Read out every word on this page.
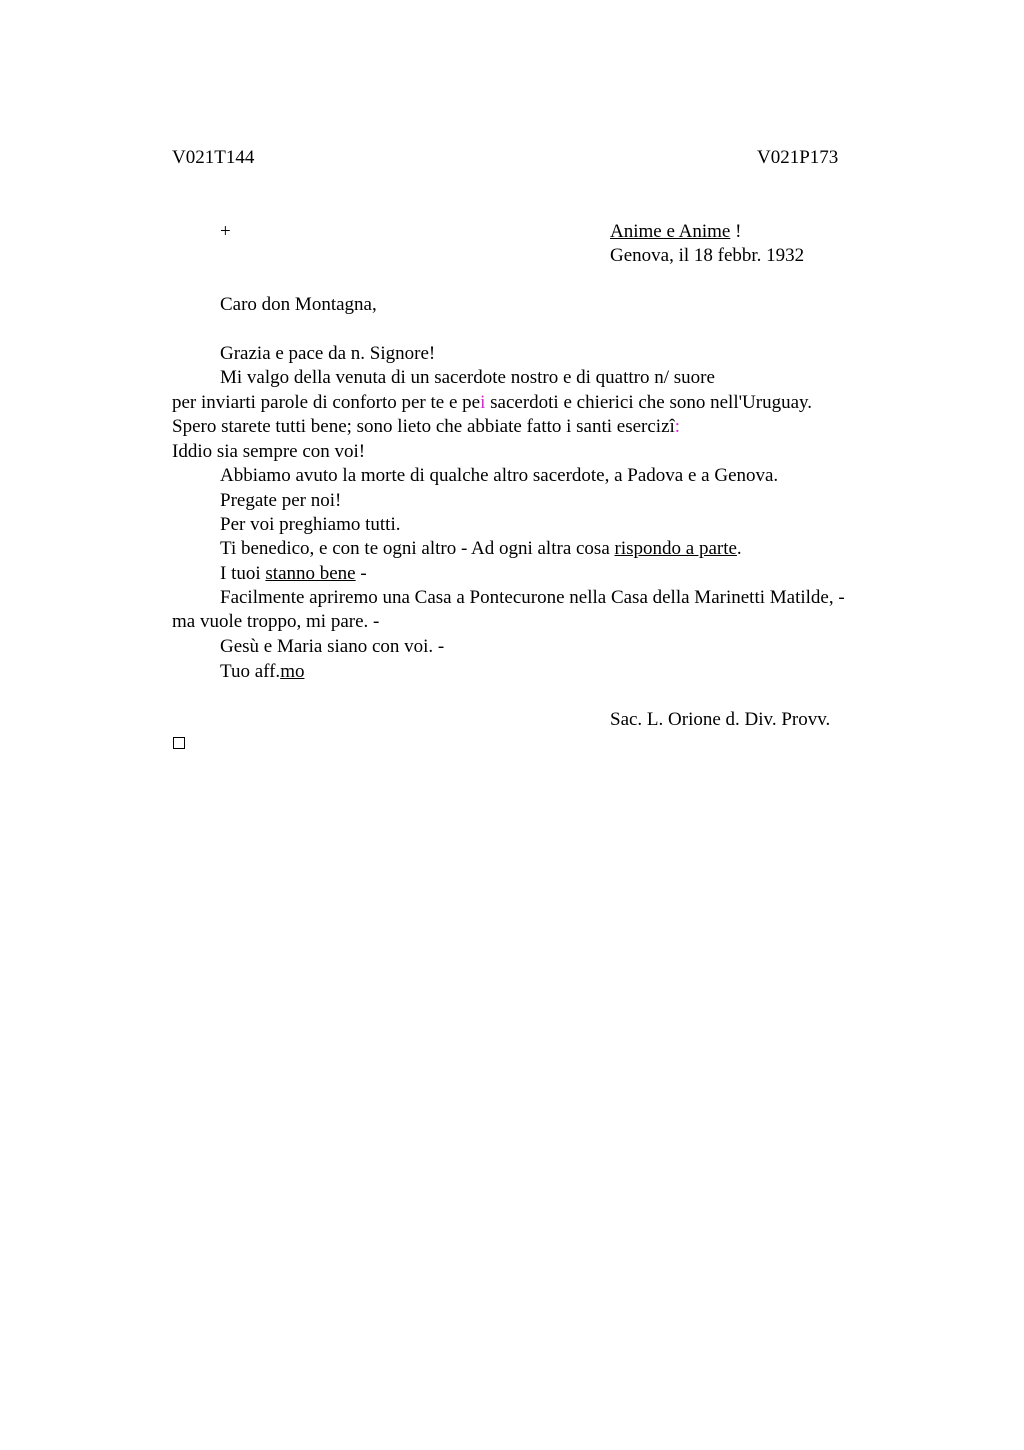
V021T144	V021P173
+	Anime e Anime !
Genova, il 18 febbr. 1932
Caro don Montagna,
Grazia e pace da n. Signore!
Mi valgo della venuta di un sacerdote nostro e di quattro n/ suore
per inviarti parole di conforto per te e pei sacerdoti e chierici che sono nell'Uruguay.
Spero starete tutti bene; sono lieto che abbiate fatto i santi esercizî:
Iddio sia sempre con voi!
Abbiamo avuto la morte di qualche altro sacerdote, a Padova e a Genova.
Pregate per noi!
Per voi preghiamo tutti.
Ti benedico, e con te ogni altro - Ad ogni altra cosa rispondo a parte.
I tuoi stanno bene -
Facilmente apriremo una Casa a Pontecurone nella Casa della Marinetti Matilde, -
ma vuole troppo, mi pare. -
Gesù e Maria siano con voi. -
Tuo aff.mo
Sac. L. Orione d. Div. Provv.
